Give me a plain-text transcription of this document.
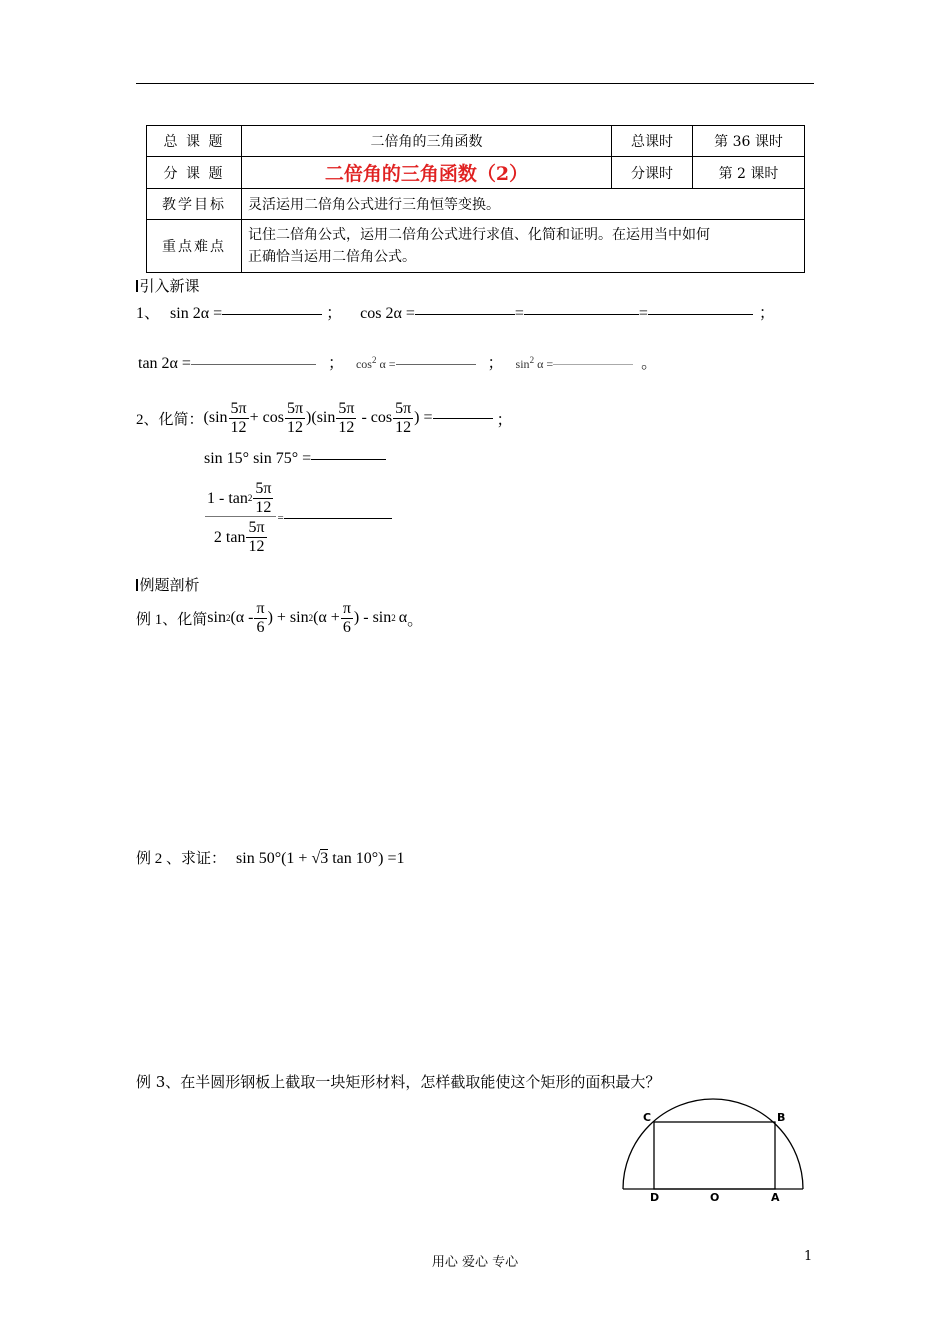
总 课 题	二倍角的三角函数	总课时	第 36 课时
分 课 题	二倍角的三角函数（2）	分课时	第 2 课时
教学目标	灵活运用二倍角公式进行三角恒等变换。		
重点难点	记住二倍角公式，运用二倍角公式进行求值、化简和证明。在运用当中如何
正确恰当运用二倍角公式。		
引入新课
1、 sin 2α =	； cos 2α =	=	=	；
tan 2α =	； $\cos^2 \alpha$ =	； $\sin^2 \alpha$ =	。
2、化简： $(\sin \frac{5\pi}{12} + \cos \frac{5\pi}{12} )(\sin \frac{5\pi}{12} - \cos \frac{5\pi}{12}$ ) =	；
sin 15° sin 75° =
$\frac{1 - \tan 2 \frac{5\pi}{12}}{2 \tan \frac{5\pi}{12}}$ =
例题剖析
例 1、化简 sin 2 ($\alpha - \frac{\pi}{6}$ ) + sin 2 ($\alpha + \frac{\pi}{6}$ ) - sin 2 α 。
例 2 、求证： sin 50°(1 + √3 tan 10°) =1
例 3、在半圆形钢板上截取一块矩形材料，怎样截取能使这个矩形的面积最大？
C	B
D	O	A
用心 爱心 专心	1
